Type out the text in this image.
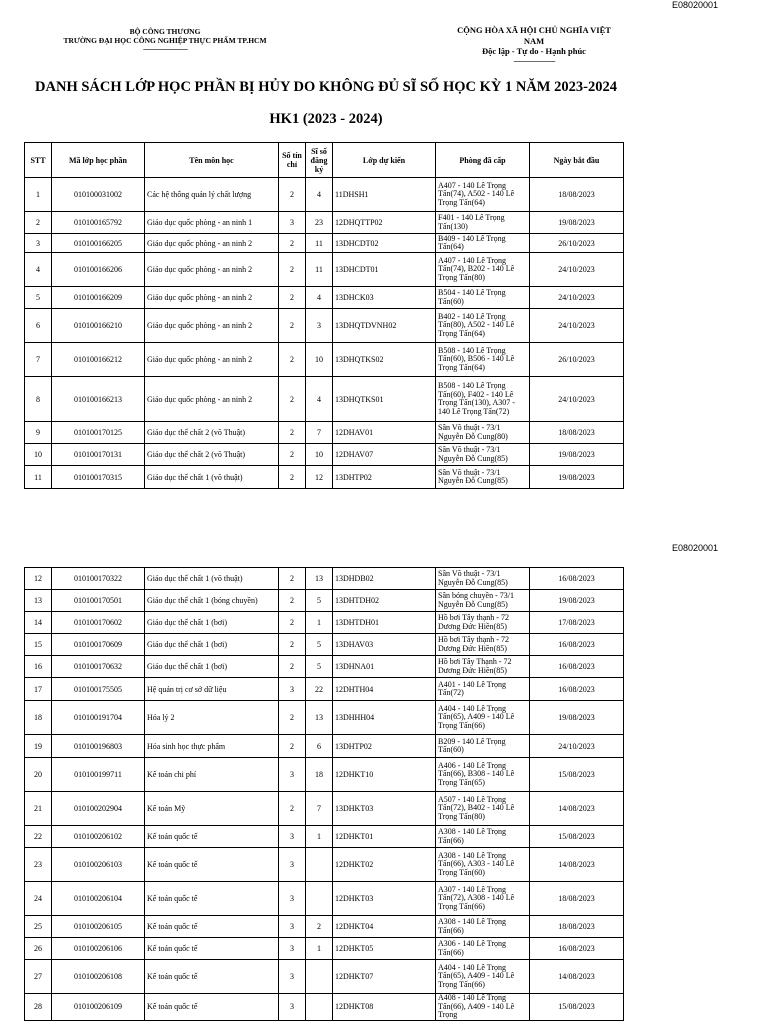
E08020001
BỘ CÔNG THƯƠNG
TRƯỜNG ĐẠI HỌC CÔNG NGHIỆP THỰC PHẨM TP.HCM
---------------------------------
CỘNG HÒA XÃ HỘI CHỦ NGHĨA VIỆT
NAM
Độc lập - Tự do - Hạnh phúc
-------------------------------
DANH SÁCH LỚP HỌC PHẦN BỊ HỦY DO KHÔNG ĐỦ SĨ SỐ HỌC KỲ 1 NĂM 2023-2024
HK1 (2023 - 2024)
STT	Mã lớp học phần	Tên môn học	Số tín chỉ	Sĩ số đăng ký	Lớp dự kiến	Phòng đã cấp	Ngày bắt đầu
1	010100031002	Các hệ thống quản lý chất lượng	2	4	11DHSH1	A407 - 140 Lê Trọng Tấn(74), A502 - 140 Lê Trọng Tấn(64)	18/08/2023
2	010100165792	Giáo dục quốc phòng - an ninh 1	3	23	12DHQTTP02	F401 - 140 Lê Trọng Tấn(130)	19/08/2023
3	010100166205	Giáo dục quốc phòng - an ninh 2	2	11	13DHCDT02	B409 - 140 Lê Trọng Tấn(64)	26/10/2023
4	010100166206	Giáo dục quốc phòng - an ninh 2	2	11	13DHCDT01	A407 - 140 Lê Trọng Tấn(74), B202 - 140 Lê Trọng Tấn(80)	24/10/2023
5	010100166209	Giáo dục quốc phòng - an ninh 2	2	4	13DHCK03	B504 - 140 Lê Trọng Tấn(60)	24/10/2023
6	010100166210	Giáo dục quốc phòng - an ninh 2	2	3	13DHQTDVNH02	B402 - 140 Lê Trọng Tấn(80), A502 - 140 Lê Trọng Tấn(64)	24/10/2023
7	010100166212	Giáo dục quốc phòng - an ninh 2	2	10	13DHQTKS02	B508 - 140 Lê Trọng Tấn(60), B506 - 140 Lê Trọng Tấn(64)	26/10/2023
8	010100166213	Giáo dục quốc phòng - an ninh 2	2	4	13DHQTKS01	B508 - 140 Lê Trọng Tấn(60), F402 - 140 Lê Trọng Tấn(130), A307 - 140 Lê Trọng Tấn(72)	24/10/2023
9	010100170125	Giáo dục thể chất 2 (võ Thuật)	2	7	12DHAV01	Sân Võ thuật - 73/1 Nguyễn Đỗ Cung(80)	18/08/2023
10	010100170131	Giáo dục thể chất 2 (võ Thuật)	2	10	12DHAV07	Sân Võ thuật - 73/1 Nguyễn Đỗ Cung(85)	19/08/2023
11	010100170315	Giáo dục thể chất 1 (võ thuật)	2	12	13DHTP02	Sân Võ thuật - 73/1 Nguyễn Đỗ Cung(85)	19/08/2023
E08020001
12	010100170322	Giáo dục thể chất 1 (võ thuật)	2	13	13DHDB02	Sân Võ thuật - 73/1 Nguyễn Đỗ Cung(85)	16/08/2023
13	010100170501	Giáo dục thể chất 1 (bóng chuyền)	2	5	13DHTDH02	Sân bóng chuyền - 73/1 Nguyễn Đỗ Cung(85)	19/08/2023
14	010100170602	Giáo dục thể chất 1 (bơi)	2	1	13DHTDH01	Hồ bơi Tây thạnh - 72 Dương Đức Hiền(85)	17/08/2023
15	010100170609	Giáo dục thể chất 1 (bơi)	2	5	13DHAV03	Hồ bơi Tây thạnh - 72 Dương Đức Hiền(85)	16/08/2023
16	010100170632	Giáo dục thể chất 1 (bơi)	2	5	13DHNA01	Hồ bơi Tây Thạnh - 72 Dương Đức Hiền(85)	16/08/2023
17	010100175505	Hệ quản trị cơ sở dữ liệu	3	22	12DHTH04	A401 - 140 Lê Trọng Tấn(72)	16/08/2023
18	010100191704	Hóa lý 2	2	13	13DHHH04	A404 - 140 Lê Trọng Tấn(65), A409 - 140 Lê Trọng Tấn(66)	19/08/2023
19	010100196803	Hóa sinh học thực phẩm	2	6	13DHTP02	B209 - 140 Lê Trọng Tấn(60)	24/10/2023
20	010100199711	Kế toán chi phí	3	18	12DHKT10	A406 - 140 Lê Trọng Tấn(66), B308 - 140 Lê Trọng Tấn(65)	15/08/2023
21	010100202904	Kế toán Mỹ	2	7	13DHKT03	A507 - 140 Lê Trọng Tấn(72), B402 - 140 Lê Trọng Tấn(80)	14/08/2023
22	010100206102	Kế toán quốc tế	3	1	12DHKT01	A308 - 140 Lê Trọng Tấn(66)	15/08/2023
23	010100206103	Kế toán quốc tế	3		12DHKT02	A308 - 140 Lê Trọng Tấn(66), A303 - 140 Lê Trọng Tấn(60)	14/08/2023
24	010100206104	Kế toán quốc tế	3		12DHKT03	A307 - 140 Lê Trọng Tấn(72), A308 - 140 Lê Trọng Tấn(66)	18/08/2023
25	010100206105	Kế toán quốc tế	3	2	12DHKT04	A308 - 140 Lê Trọng Tấn(66)	18/08/2023
26	010100206106	Kế toán quốc tế	3	1	12DHKT05	A306 - 140 Lê Trọng Tấn(66)	16/08/2023
27	010100206108	Kế toán quốc tế	3		12DHKT07	A404 - 140 Lê Trọng Tấn(65), A409 - 140 Lê Trọng Tấn(66)	14/08/2023
28	010100206109	Kế toán quốc tế	3		12DHKT08	A408 - 140 Lê Trọng Tấn(66), A409 - 140 Lê Trọng	15/08/2023
